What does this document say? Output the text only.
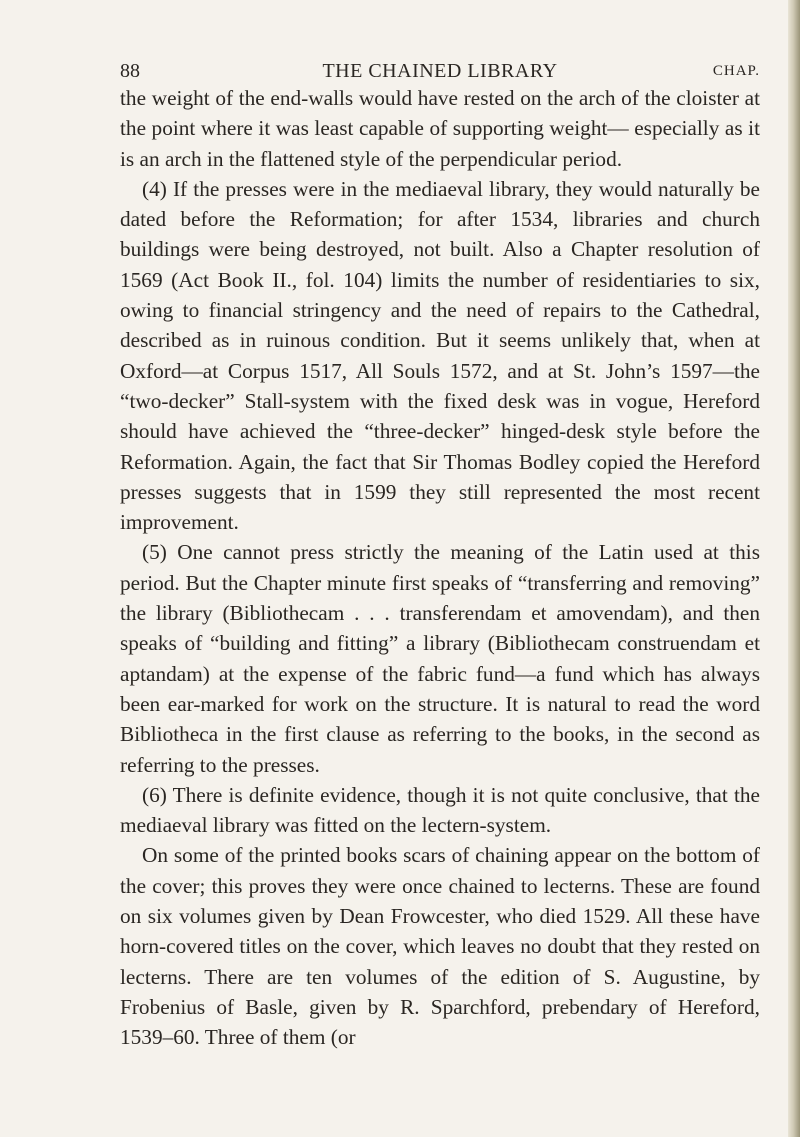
88	THE CHAINED LIBRARY	CHAP.

the weight of the end-walls would have rested on the arch of the cloister at the point where it was least capable of supporting weight— especially as it is an arch in the flattened style of the perpendicular period.

(4) If the presses were in the mediaeval library, they would naturally be dated before the Reformation; for after 1534, libraries and church buildings were being destroyed, not built. Also a Chapter resolution of 1569 (Act Book II., fol. 104) limits the number of residentiaries to six, owing to financial stringency and the need of repairs to the Cathedral, described as in ruinous condition. But it seems unlikely that, when at Oxford—at Corpus 1517, All Souls 1572, and at St. John’s 1597—the “two-decker” Stall-system with the fixed desk was in vogue, Hereford should have achieved the “three-decker” hinged-desk style before the Reformation. Again, the fact that Sir Thomas Bodley copied the Hereford presses suggests that in 1599 they still represented the most recent improvement.

(5) One cannot press strictly the meaning of the Latin used at this period. But the Chapter minute first speaks of “transferring and removing” the library (Bibliothecam . . . transferendam et amovendam), and then speaks of “building and fitting” a library (Bibliothecam construendam et aptandam) at the expense of the fabric fund—a fund which has always been ear-marked for work on the structure. It is natural to read the word Bibliotheca in the first clause as referring to the books, in the second as referring to the presses.

(6) There is definite evidence, though it is not quite conclusive, that the mediaeval library was fitted on the lectern-system.

On some of the printed books scars of chaining appear on the bottom of the cover; this proves they were once chained to lecterns. These are found on six volumes given by Dean Frowcester, who died 1529. All these have horn-covered titles on the cover, which leaves no doubt that they rested on lecterns. There are ten volumes of the edition of S. Augustine, by Frobenius of Basle, given by R. Sparchford, prebendary of Hereford, 1539–60. Three of them (or
